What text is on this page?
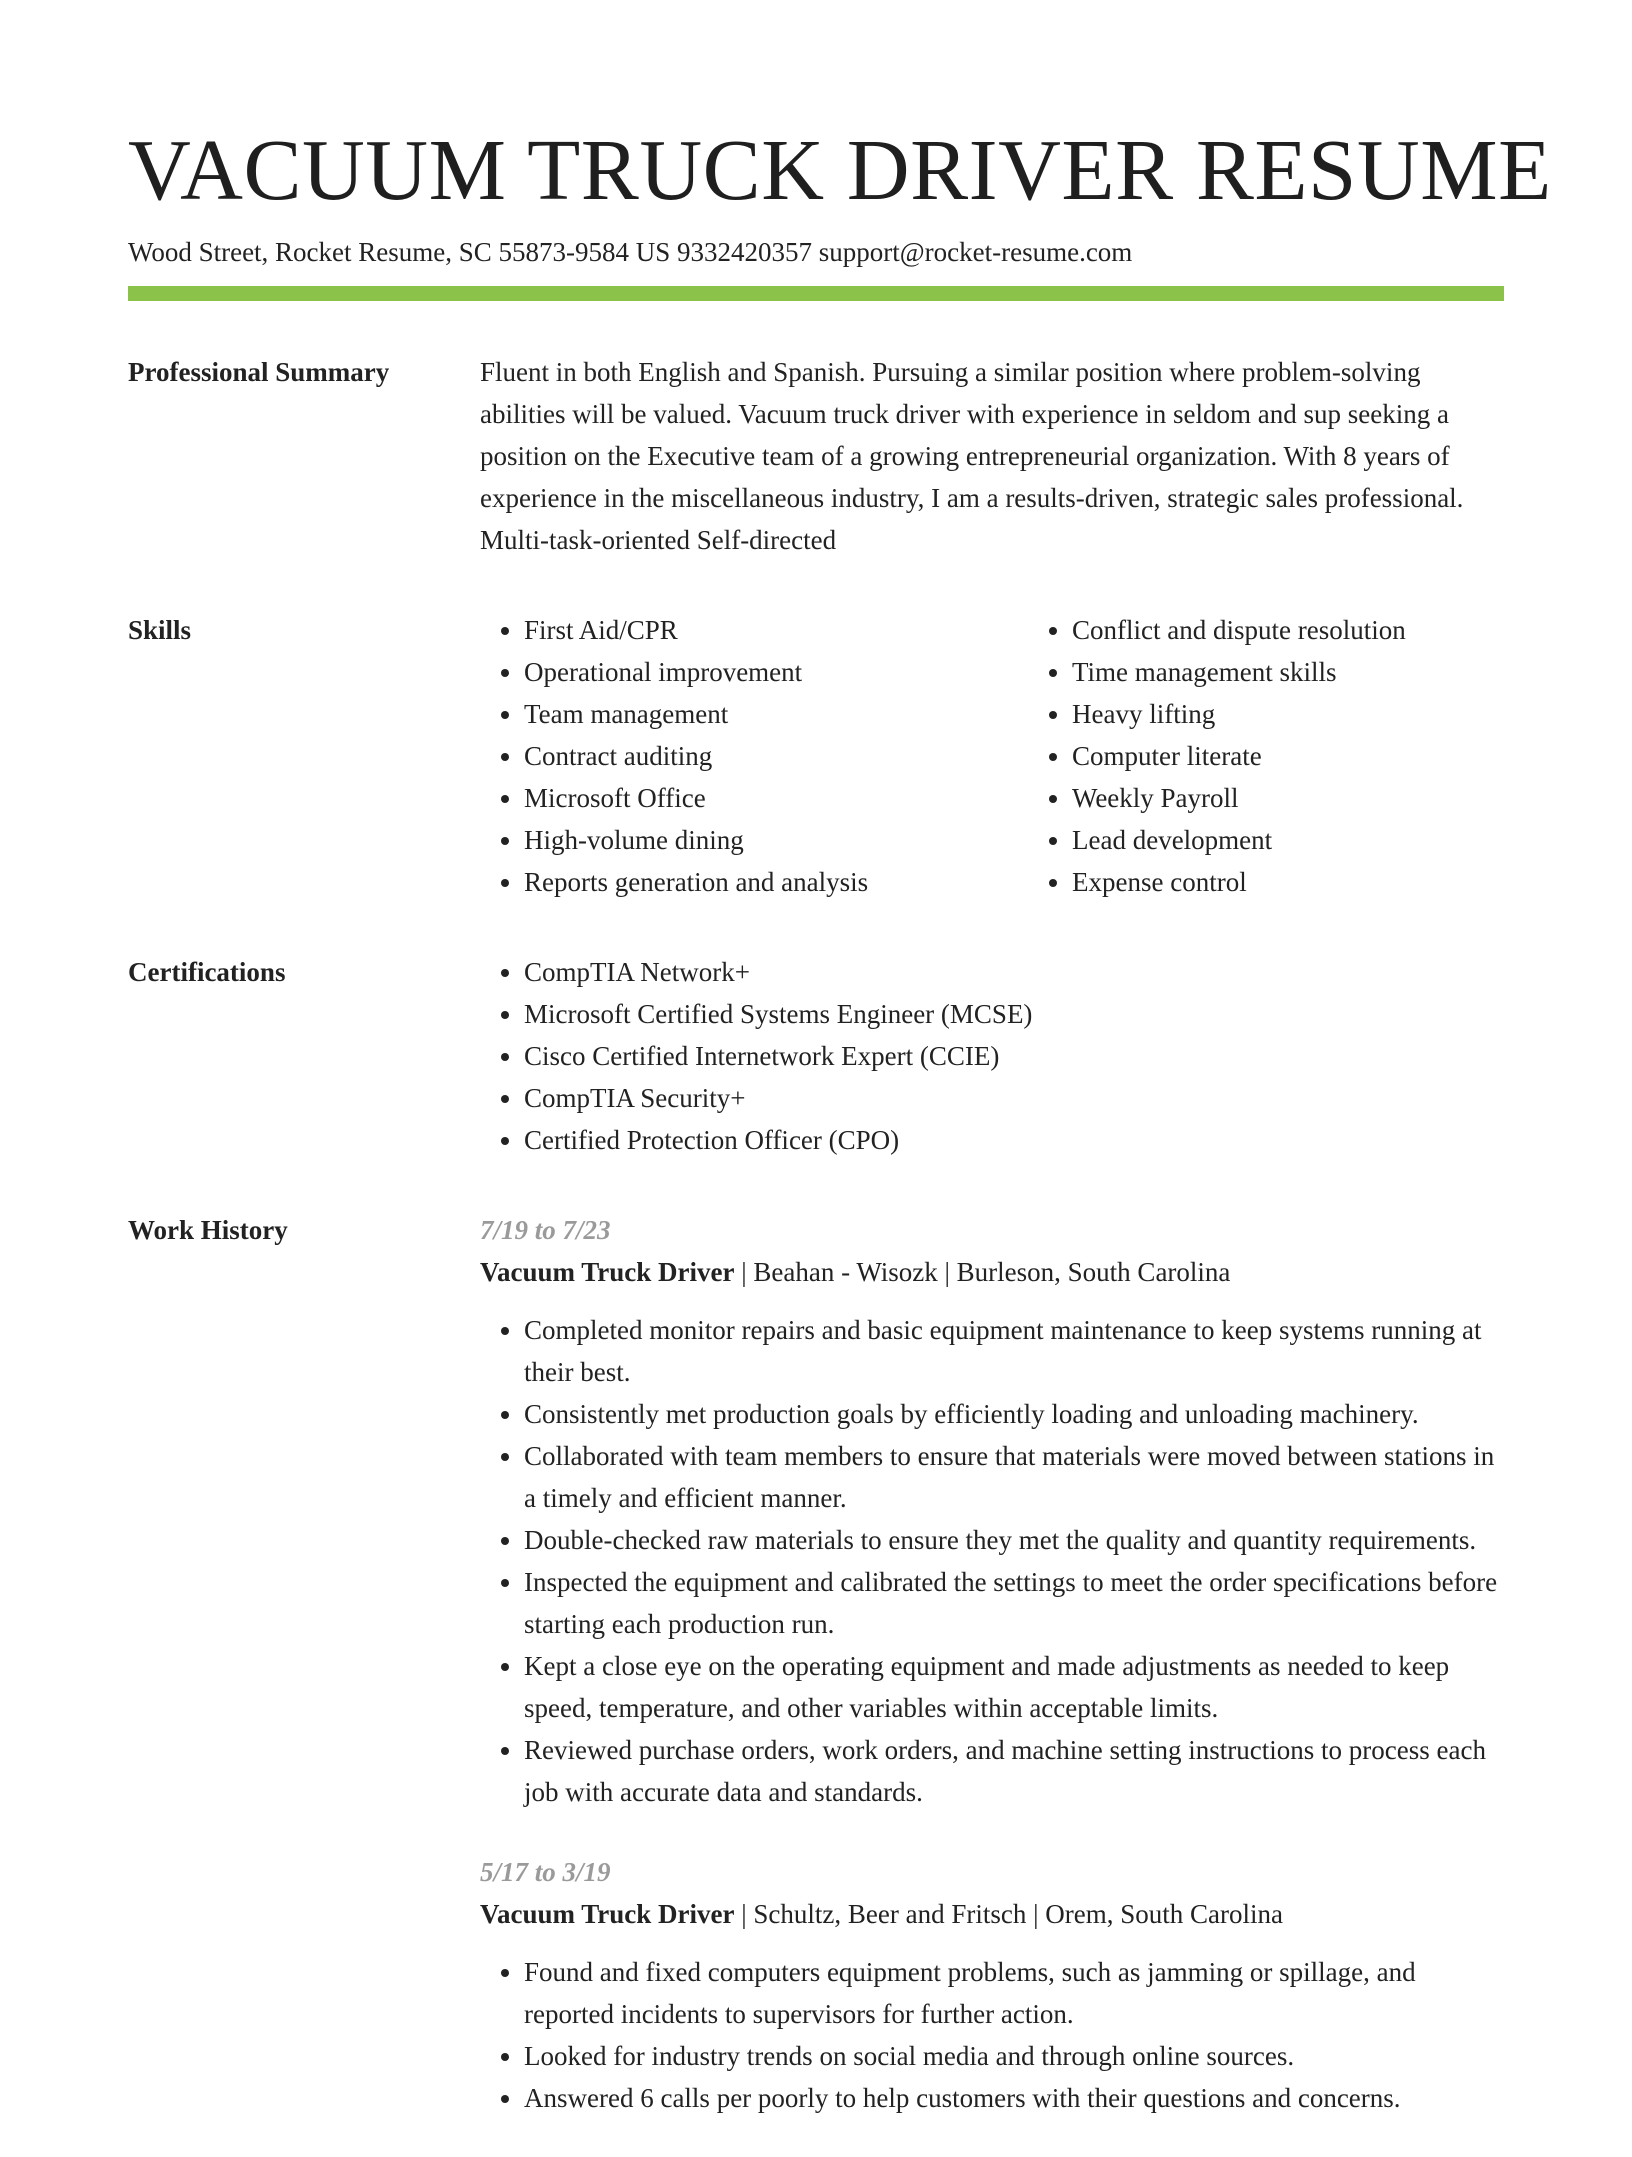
VACUUM TRUCK DRIVER RESUME
Wood Street, Rocket Resume, SC 55873-9584 US 9332420357 support@rocket-resume.com
Professional Summary	Fluent in both English and Spanish. Pursuing a similar position where problem-solving abilities will be valued. Vacuum truck driver with experience in seldom and sup seeking a position on the Executive team of a growing entrepreneurial organization. With 8 years of experience in the miscellaneous industry, I am a results-driven, strategic sales professional. Multi-task-oriented Self-directed
Skills	• First Aid/CPR
• Operational improvement
• Team management
• Contract auditing
• Microsoft Office
• High-volume dining
• Reports generation and analysis
• Conflict and dispute resolution
• Time management skills
• Heavy lifting
• Computer literate
• Weekly Payroll
• Lead development
• Expense control
Certifications	• CompTIA Network+
• Microsoft Certified Systems Engineer (MCSE)
• Cisco Certified Internetwork Expert (CCIE)
• CompTIA Security+
• Certified Protection Officer (CPO)
Work History	7/19 to 7/23
Vacuum Truck Driver | Beahan - Wisozk | Burleson, South Carolina
• Completed monitor repairs and basic equipment maintenance to keep systems running at their best.
• Consistently met production goals by efficiently loading and unloading machinery.
• Collaborated with team members to ensure that materials were moved between stations in a timely and efficient manner.
• Double-checked raw materials to ensure they met the quality and quantity requirements.
• Inspected the equipment and calibrated the settings to meet the order specifications before starting each production run.
• Kept a close eye on the operating equipment and made adjustments as needed to keep speed, temperature, and other variables within acceptable limits.
• Reviewed purchase orders, work orders, and machine setting instructions to process each job with accurate data and standards.
5/17 to 3/19
Vacuum Truck Driver | Schultz, Beer and Fritsch | Orem, South Carolina
• Found and fixed computers equipment problems, such as jamming or spillage, and reported incidents to supervisors for further action.
• Looked for industry trends on social media and through online sources.
• Answered 6 calls per poorly to help customers with their questions and concerns.
